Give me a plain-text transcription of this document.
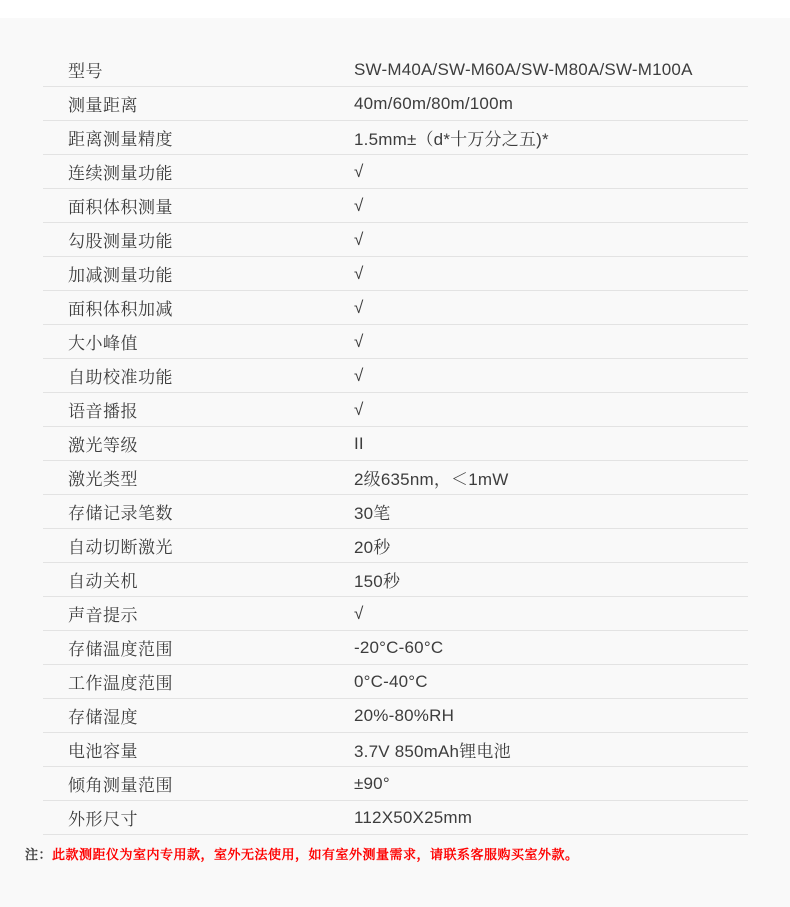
型号	SW-M40A/SW-M60A/SW-M80A/SW-M100A
测量距离	40m/60m/80m/100m
距离测量精度	1.5mm±（d*十万分之五)*
连续测量功能	√
面积体积测量	√
勾股测量功能	√
加减测量功能	√
面积体积加减	√
大小峰值	√
自助校准功能	√
语音播报	√
激光等级	II
激光类型	2级635nm，＜1mW
存储记录笔数	30笔
自动切断激光	20秒
自动关机	150秒
声音提示	√
存储温度范围	-20°C-60°C
工作温度范围	0°C-40°C
存储湿度	20%-80%RH
电池容量	3.7V 850mAh锂电池
倾角测量范围	±90°
外形尺寸	112X50X25mm
注：此款测距仪为室内专用款，室外无法使用，如有室外测量需求，请联系客服购买室外款。
